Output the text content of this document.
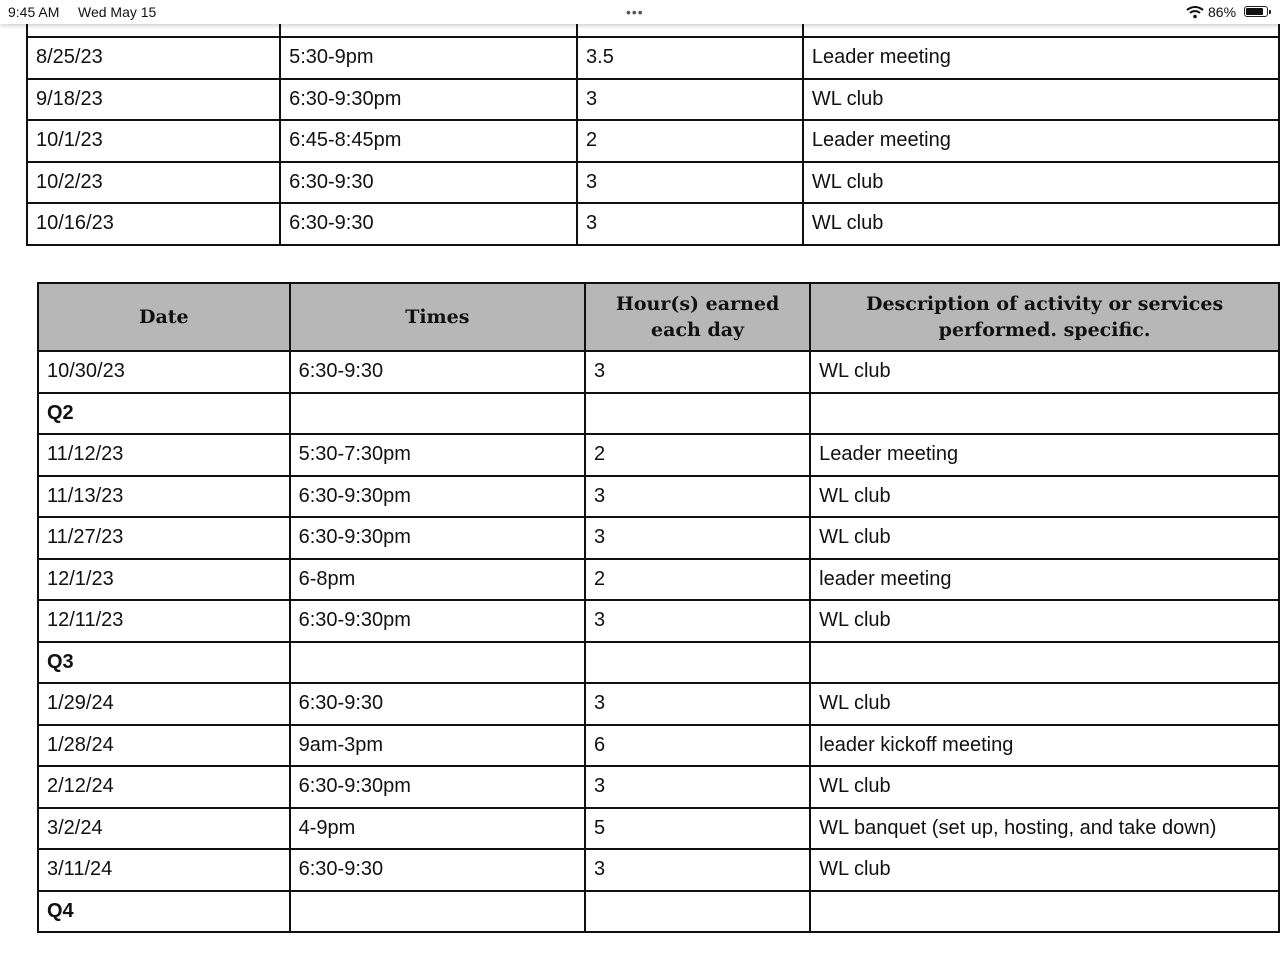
9:45 AM Wed May 15	•••	86%

8/25/23	5:30-9pm	3.5	Leader meeting
9/18/23	6:30-9:30pm	3	WL club
10/1/23	6:45-8:45pm	2	Leader meeting
10/2/23	6:30-9:30	3	WL club
10/16/23	6:30-9:30	3	WL club
Date	Times	Hour(s) earned each day	Description of activity or services performed. specific.
10/30/23	6:30-9:30	3	WL club
Q2			
11/12/23	5:30-7:30pm	2	Leader meeting
11/13/23	6:30-9:30pm	3	WL club
11/27/23	6:30-9:30pm	3	WL club
12/1/23	6-8pm	2	leader meeting
12/11/23	6:30-9:30pm	3	WL club
Q3			
1/29/24	6:30-9:30	3	WL club
1/28/24	9am-3pm	6	leader kickoff meeting
2/12/24	6:30-9:30pm	3	WL club
3/2/24	4-9pm	5	WL banquet (set up, hosting, and take down)
3/11/24	6:30-9:30	3	WL club
Q4			
